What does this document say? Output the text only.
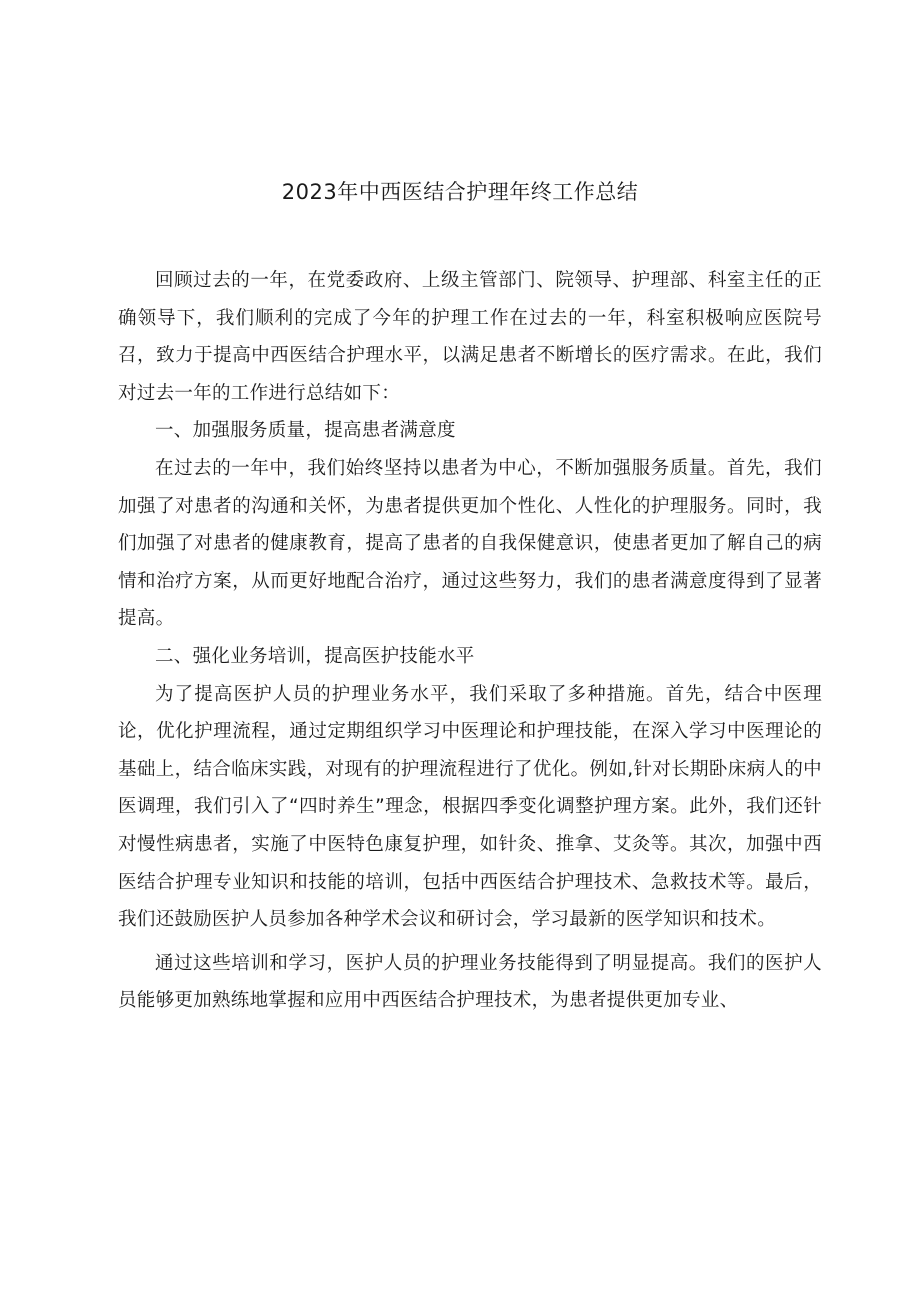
2023年中西医结合护理年终工作总结

回顾过去的一年，在党委政府、上级主管部门、院领导、护理部、科室主任的正确领导下，我们顺利的完成了今年的护理工作在过去的一年，科室积极响应医院号召，致力于提高中西医结合护理水平，以满足患者不断增长的医疗需求。在此，我们对过去一年的工作进行总结如下：

一、加强服务质量，提高患者满意度

在过去的一年中，我们始终坚持以患者为中心，不断加强服务质量。首先，我们加强了对患者的沟通和关怀，为患者提供更加个性化、人性化的护理服务。同时，我们加强了对患者的健康教育，提高了患者的自我保健意识，使患者更加了解自己的病情和治疗方案，从而更好地配合治疗，通过这些努力，我们的患者满意度得到了显著提高。

二、强化业务培训，提高医护技能水平

为了提高医护人员的护理业务水平，我们采取了多种措施。首先，结合中医理论，优化护理流程，通过定期组织学习中医理论和护理技能，在深入学习中医理论的基础上，结合临床实践，对现有的护理流程进行了优化。例如,针对长期卧床病人的中医调理，我们引入了“四时养生”理念，根据四季变化调整护理方案。此外，我们还针对慢性病患者，实施了中医特色康复护理，如针灸、推拿、艾灸等。其次，加强中西医结合护理专业知识和技能的培训，包括中西医结合护理技术、急救技术等。最后，我们还鼓励医护人员参加各种学术会议和研讨会，学习最新的医学知识和技术。

通过这些培训和学习，医护人员的护理业务技能得到了明显提高。我们的医护人员能够更加熟练地掌握和应用中西医结合护理技术，为患者提供更加专业、
